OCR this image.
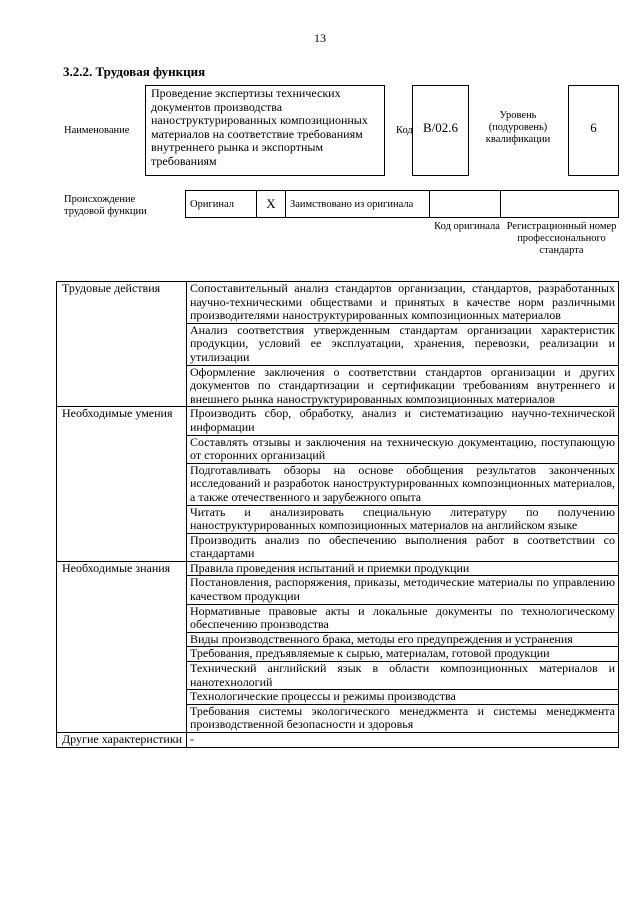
13
3.2.2. Трудовая функция
Наименование
Проведение экспертизы технических документов производства наноструктурированных композиционных материалов на соответствие требованиям внутреннего рынка и экспортным требованиям
Код B/02.6
Уровень (подуровень) квалификации
6
Происхождение трудовой функции
Оригинал	X	Заимствовано из оригинала		
Код оригинала Регистрационный номер профессионального стандарта
Трудовые действия	Сопоставительный анализ стандартов организации, стандартов, разработанных научно-техническими обществами и принятых в качестве норм различными производителями наноструктурированных композиционных материалов
	Анализ соответствия утвержденным стандартам организации характеристик продукции, условий ее эксплуатации, хранения, перевозки, реализации и утилизации
	Оформление заключения о соответствии стандартов организации и других документов по стандартизации и сертификации требованиям внутреннего и внешнего рынка наноструктурированных композиционных материалов
Необходимые умения	Производить сбор, обработку, анализ и систематизацию научно-технической информации
	Составлять отзывы и заключения на техническую документацию, поступающую от сторонних организаций
	Подготавливать обзоры на основе обобщения результатов законченных исследований и разработок наноструктурированных композиционных материалов, а также отечественного и зарубежного опыта
	Читать и анализировать специальную литературу по получению наноструктурированных композиционных материалов на английском языке
	Производить анализ по обеспечению выполнения работ в соответствии со стандартами
Необходимые знания	Правила проведения испытаний и приемки продукции
	Постановления, распоряжения, приказы, методические материалы по управлению качеством продукции
	Нормативные правовые акты и локальные документы по технологическому обеспечению производства
	Виды производственного брака, методы его предупреждения и устранения
	Требования, предъявляемые к сырью, материалам, готовой продукции
	Технический английский язык в области композиционных материалов и нанотехнологий
	Технологические процессы и режимы производства
	Требования системы экологического менеджмента и системы менеджмента производственной безопасности и здоровья
Другие характеристики	-
